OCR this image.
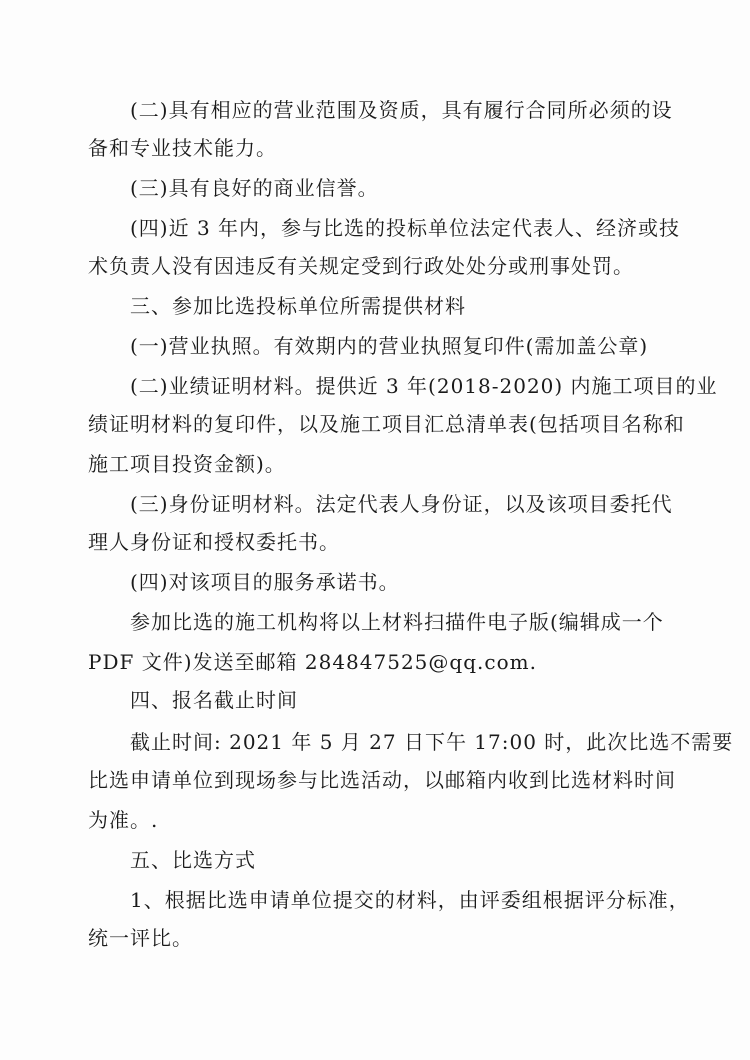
(二)具有相应的营业范围及资质，具有履行合同所必须的设
备和专业技术能力。
(三)具有良好的商业信誉。
(四)近 3 年内，参与比选的投标单位法定代表人、经济或技
术负责人没有因违反有关规定受到行政处处分或刑事处罚。
三、参加比选投标单位所需提供材料
(一)营业执照。有效期内的营业执照复印件(需加盖公章)
(二)业绩证明材料。提供近 3 年(2018-2020) 内施工项目的业
绩证明材料的复印件，以及施工项目汇总清单表(包括项目名称和
施工项目投资金额)。
(三)身份证明材料。法定代表人身份证，以及该项目委托代
理人身份证和授权委托书。
(四)对该项目的服务承诺书。
参加比选的施工机构将以上材料扫描件电子版(编辑成一个
PDF 文件)发送至邮箱 284847525@qq.com.
四、报名截止时间
截止时间: 2021 年 5 月 27 日下午 17:00 时，此次比选不需要
比选申请单位到现场参与比选活动，以邮箱内收到比选材料时间
为准。.
五、比选方式
1、根据比选申请单位提交的材料，由评委组根据评分标准，
统一评比。
